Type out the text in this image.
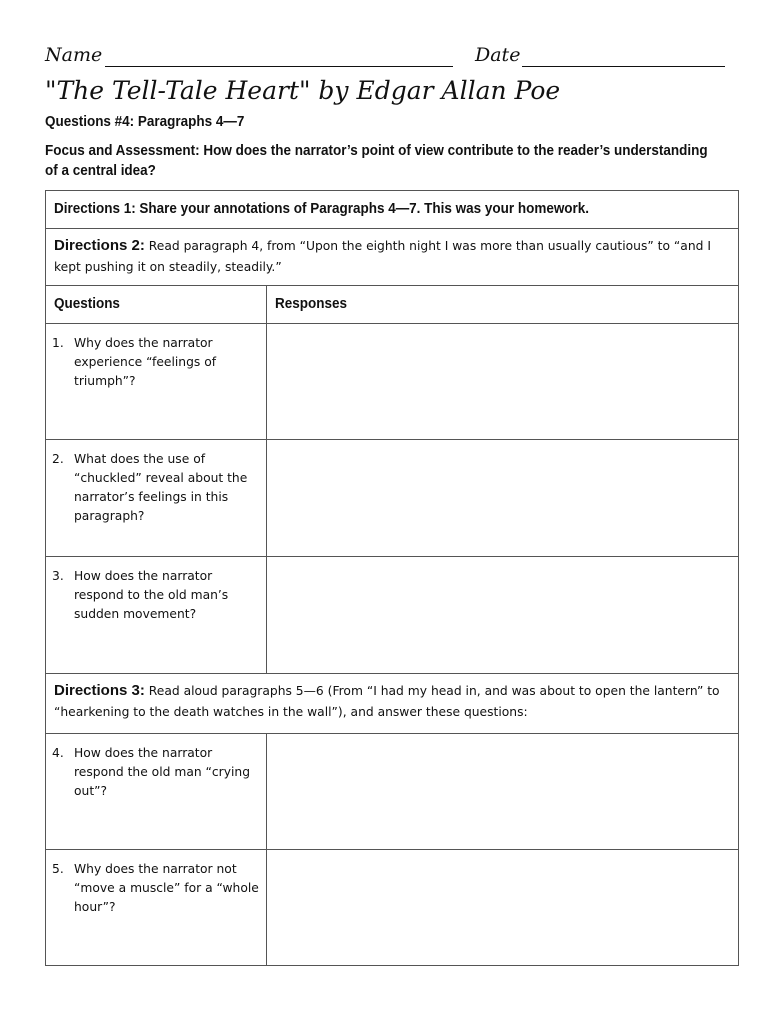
Name	Date
"The Tell-Tale Heart" by Edgar Allan Poe
Questions #4: Paragraphs 4—7
Focus and Assessment: How does the narrator’s point of view contribute to the reader’s understanding of a central idea?
Directions 1: Share your annotations of Paragraphs 4—7. This was your homework.	
Directions 2: Read paragraph 4, from “Upon the eighth night I was more than usually cautious” to “and I kept pushing it on steadily, steadily.”	
Questions	Responses

1. Why does the narrator experience “feelings of triumph”?	

2. What does the use of “chuckled” reveal about the narrator’s feelings in this paragraph?	

3. How does the narrator respond to the old man’s sudden movement?	

Directions 3: Read aloud paragraphs 5—6 (From “I had my head in, and was about to open the lantern” to “hearkening to the death watches in the wall”), and answer these questions:	

4. How does the narrator respond the old man “crying out”?	

5. Why does the narrator not “move a muscle” for a “whole hour”?	
